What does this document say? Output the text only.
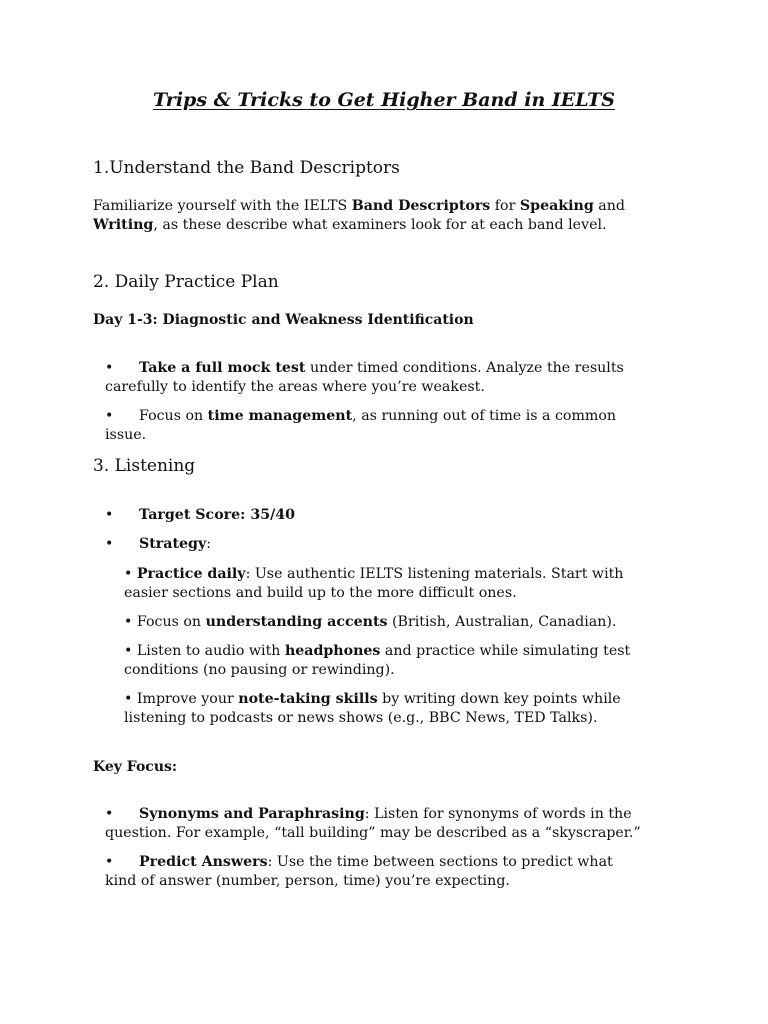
Trips & Tricks to Get Higher Band in IELTS
1.Understand the Band Descriptors
Familiarize yourself with the IELTS Band Descriptors for Speaking and Writing, as these describe what examiners look for at each band level.
2. Daily Practice Plan
Day 1-3: Diagnostic and Weakness Identification
• Take a full mock test under timed conditions. Analyze the results carefully to identify the areas where you’re weakest.
• Focus on time management, as running out of time is a common issue.
3. Listening
• Target Score: 35/40
• Strategy:
• Practice daily: Use authentic IELTS listening materials. Start with easier sections and build up to the more difficult ones.
• Focus on understanding accents (British, Australian, Canadian).
• Listen to audio with headphones and practice while simulating test conditions (no pausing or rewinding).
• Improve your note-taking skills by writing down key points while listening to podcasts or news shows (e.g., BBC News, TED Talks).
Key Focus:
• Synonyms and Paraphrasing: Listen for synonyms of words in the question. For example, “tall building” may be described as a “skyscraper.”
• Predict Answers: Use the time between sections to predict what kind of answer (number, person, time) you’re expecting.
